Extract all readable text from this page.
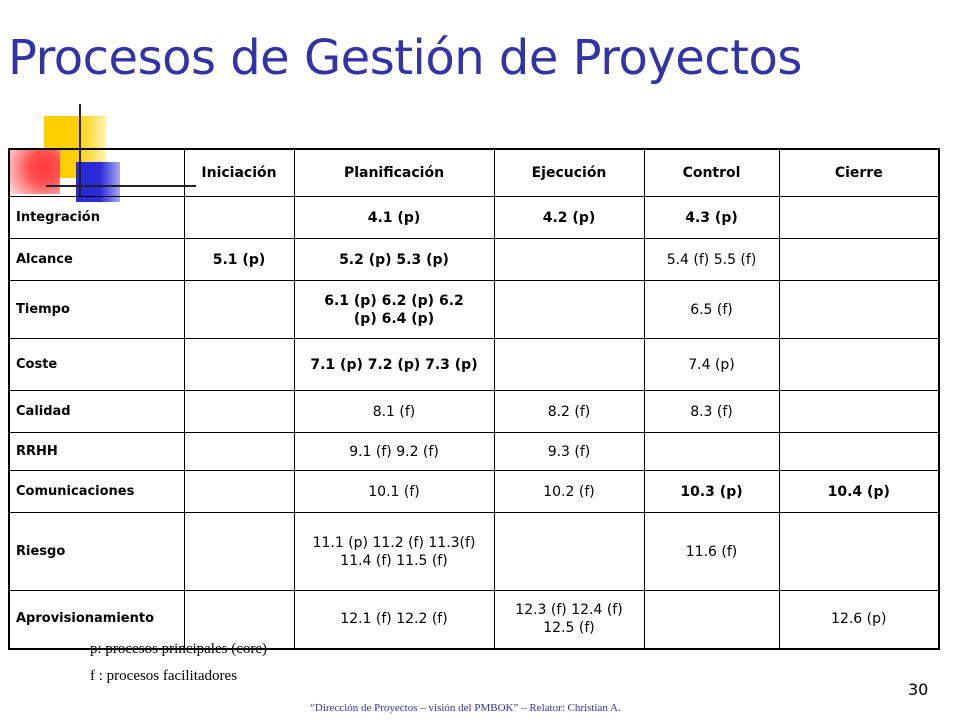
Procesos de Gestión de Proyectos
p: procesos principales (core)
f : procesos facilitadores
	Iniciación	Planificación	Ejecución	Control	Cierre
Integración		4.1 (p)	4.2 (p)	4.3 (p)	
Alcance	5.1 (p)	5.2 (p) 5.3 (p)		5.4 (f) 5.5 (f)	
Tiempo		6.1 (p) 6.2 (p) 6.2 (p) 6.4 (p)		6.5 (f)	
Coste		7.1 (p) 7.2 (p) 7.3 (p)		7.4 (p)	
Calidad		8.1 (f)	8.2 (f)	8.3 (f)	
RRHH		9.1 (f) 9.2 (f)	9.3 (f)		
Comunicaciones		10.1 (f)	10.2 (f)	10.3 (p)	10.4 (p)
Riesgo		11.1 (p) 11.2 (f) 11.3(f) 11.4 (f) 11.5 (f)		11.6 (f)	
Aprovisionamiento		12.1 (f) 12.2 (f)	12.3 (f) 12.4 (f) 12.5 (f)		12.6 (p)
30
“Dirección de Proyectos – visión del PMBOK” – Relator: Christian A.
